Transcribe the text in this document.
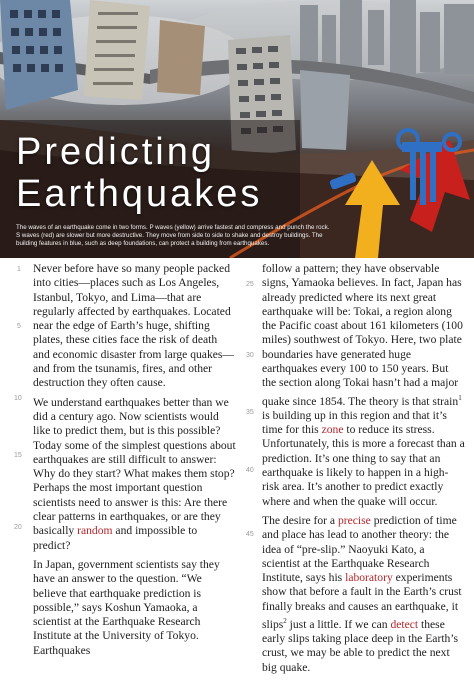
Predicting
Earthquakes
The waves of an earthquake come in two forms. P waves (yellow) arrive fastest and compress and punch the rock. S waves (red) are slower but more destructive. They move from side to side to shake and destroy buildings. The building features in blue, such as deep foundations, can protect a building from earthquakes.
1
5
10
15
20
25
30
35
40
45

Never before have so many people packed into cities—places such as Los Angeles, Istanbul, Tokyo, and Lima—that are regularly affected by earthquakes. Located near the edge of Earth’s huge, shifting plates, these cities face the risk of death and economic disaster from large quakes—and from the tsunamis, fires, and other destruction they often cause.

We understand earthquakes better than we did a century ago. Now scientists would like to predict them, but is this possible? Today some of the simplest questions about earthquakes are still difficult to answer: Why do they start? What makes them stop? Perhaps the most important question scientists need to answer is this: Are there clear patterns in earthquakes, or are they basically random and impossible to predict?

In Japan, government scientists say they have an answer to the question. “We believe that earthquake prediction is possible,” says Koshun Yamaoka, a scientist at the Earthquake Research Institute at the University of Tokyo. Earthquakes

follow a pattern; they have observable signs, Yamaoka believes. In fact, Japan has already predicted where its next great earthquake will be: Tokai, a region along the Pacific coast about 161 kilometers (100 miles) southwest of Tokyo. Here, two plate boundaries have generated huge earthquakes every 100 to 150 years. But the section along Tokai hasn’t had a major quake since 1854. The theory is that strain$^1$ is building up in this region and that it’s time for this zone to reduce its stress. Unfortunately, this is more a forecast than a prediction. It’s one thing to say that an earthquake is likely to happen in a high-risk area. It’s another to predict exactly where and when the quake will occur.

The desire for a precise prediction of time and place has lead to another theory: the idea of “pre-slip.” Naoyuki Kato, a scientist at the Earthquake Research Institute, says his laboratory experiments show that before a fault in the Earth’s crust finally breaks and causes an earthquake, it slips$^2$ just a little. If we can detect these early slips taking place deep in the Earth’s crust, we may be able to predict the next big quake.
